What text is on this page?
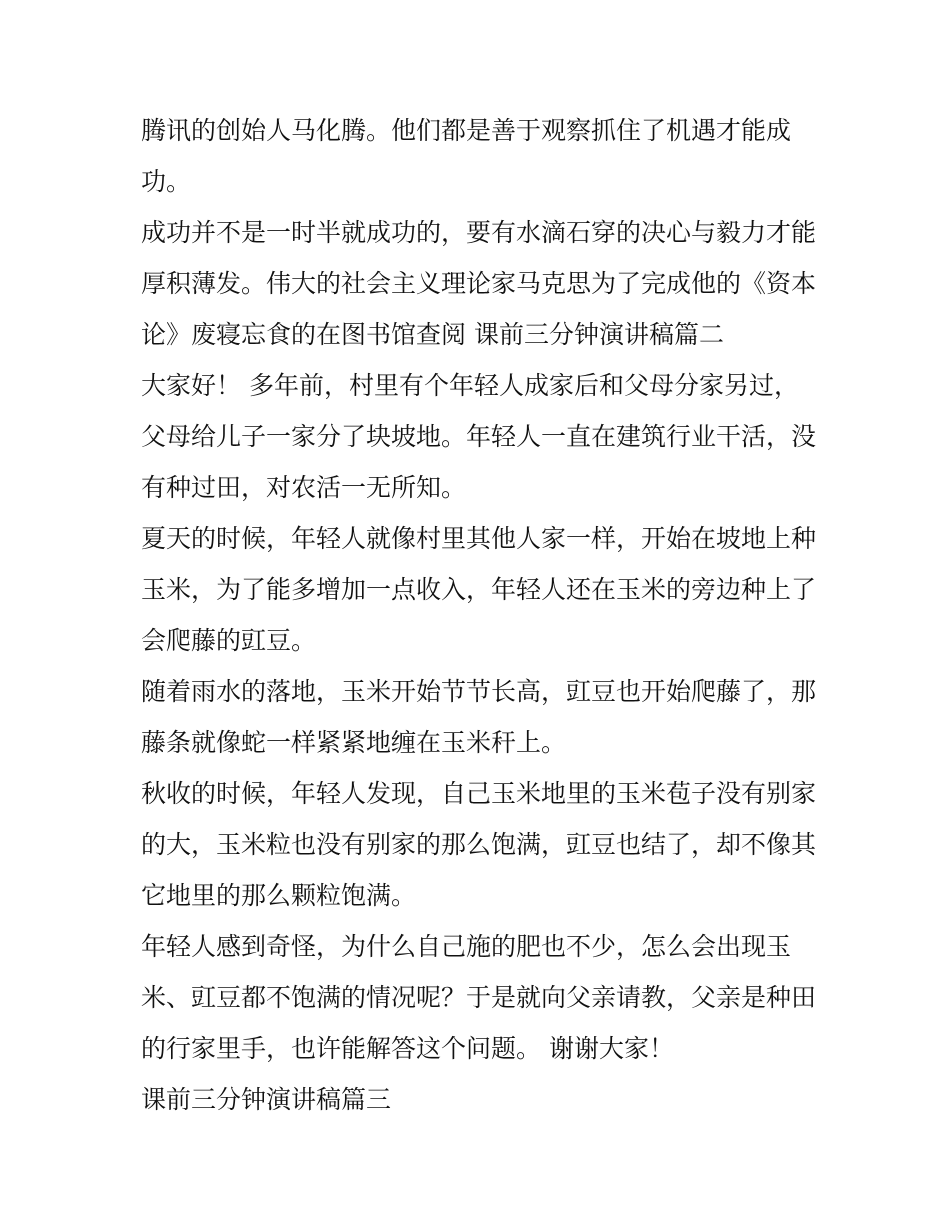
腾讯的创始人马化腾。他们都是善于观察抓住了机遇才能成
功。
成功并不是一时半就成功的，要有水滴石穿的决心与毅力才能
厚积薄发。伟大的社会主义理论家马克思为了完成他的《资本
论》废寝忘食的在图书馆查阅 课前三分钟演讲稿篇二
大家好！ 多年前，村里有个年轻人成家后和父母分家另过，
父母给儿子一家分了块坡地。年轻人一直在建筑行业干活，没
有种过田，对农活一无所知。
夏天的时候，年轻人就像村里其他人家一样，开始在坡地上种
玉米，为了能多增加一点收入，年轻人还在玉米的旁边种上了
会爬藤的豇豆。
随着雨水的落地，玉米开始节节长高，豇豆也开始爬藤了，那
藤条就像蛇一样紧紧地缠在玉米秆上。
秋收的时候，年轻人发现，自己玉米地里的玉米苞子没有别家
的大，玉米粒也没有别家的那么饱满，豇豆也结了，却不像其
它地里的那么颗粒饱满。
年轻人感到奇怪，为什么自己施的肥也不少，怎么会出现玉
米、豇豆都不饱满的情况呢？于是就向父亲请教，父亲是种田
的行家里手，也许能解答这个问题。 谢谢大家！
课前三分钟演讲稿篇三
